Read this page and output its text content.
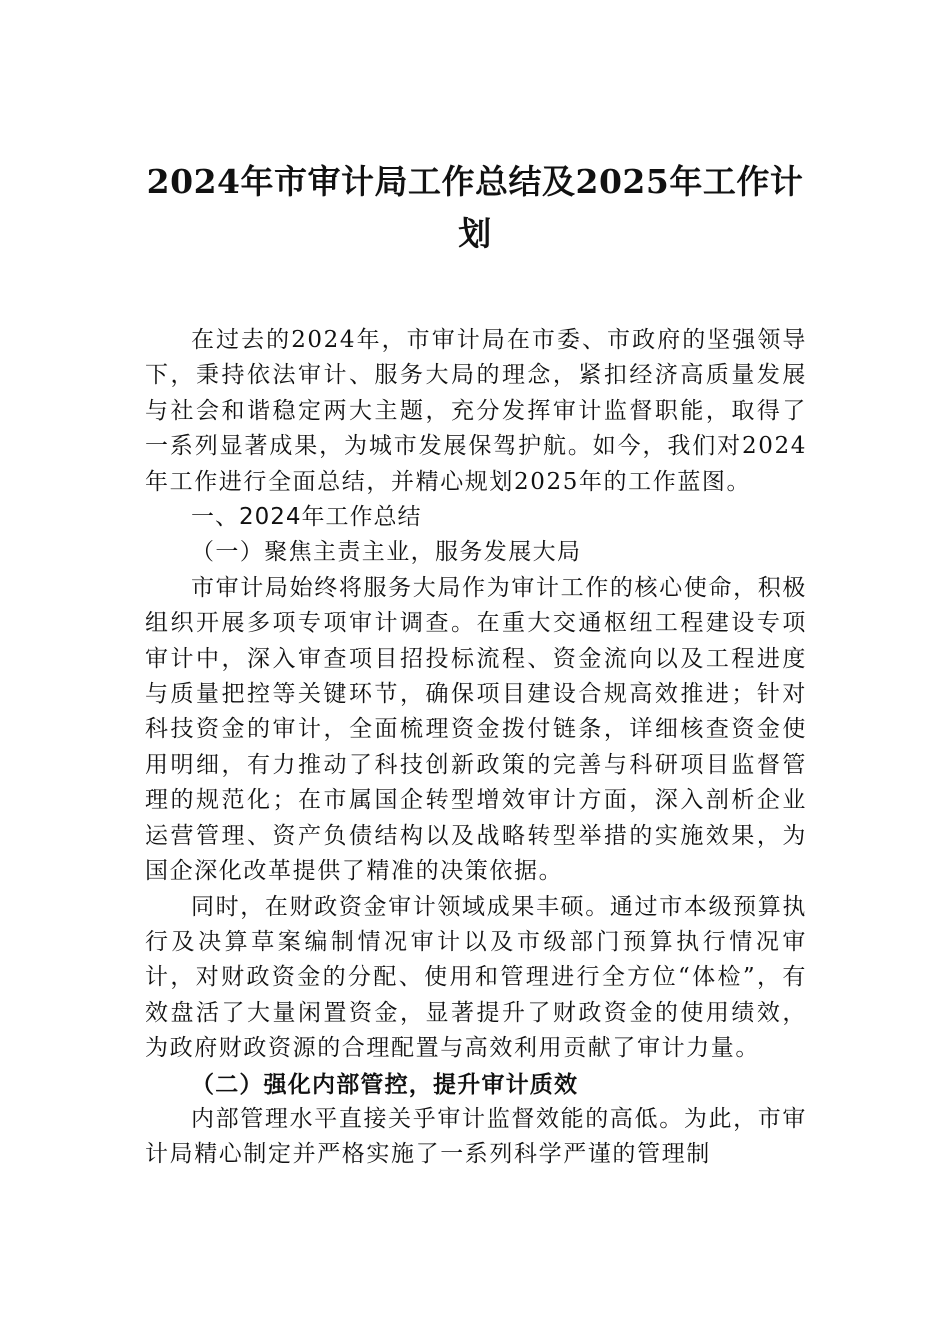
2024年市审计局工作总结及2025年工作计划

在过去的2024年，市审计局在市委、市政府的坚强领导下，秉持依法审计、服务大局的理念，紧扣经济高质量发展与社会和谐稳定两大主题，充分发挥审计监督职能，取得了一系列显著成果，为城市发展保驾护航。如今，我们对2024年工作进行全面总结，并精心规划2025年的工作蓝图。

一、2024年工作总结

（一）聚焦主责主业，服务发展大局

市审计局始终将服务大局作为审计工作的核心使命，积极组织开展多项专项审计调查。在重大交通枢纽工程建设专项审计中，深入审查项目招投标流程、资金流向以及工程进度与质量把控等关键环节，确保项目建设合规高效推进；针对科技资金的审计，全面梳理资金拨付链条，详细核查资金使用明细，有力推动了科技创新政策的完善与科研项目监督管理的规范化；在市属国企转型增效审计方面，深入剖析企业运营管理、资产负债结构以及战略转型举措的实施效果，为国企深化改革提供了精准的决策依据。

同时，在财政资金审计领域成果丰硕。通过市本级预算执行及决算草案编制情况审计以及市级部门预算执行情况审计，对财政资金的分配、使用和管理进行全方位“体检”，有效盘活了大量闲置资金，显著提升了财政资金的使用绩效，为政府财政资源的合理配置与高效利用贡献了审计力量。

（二）强化内部管控，提升审计质效

内部管理水平直接关乎审计监督效能的高低。为此，市审计局精心制定并严格实施了一系列科学严谨的管理制
